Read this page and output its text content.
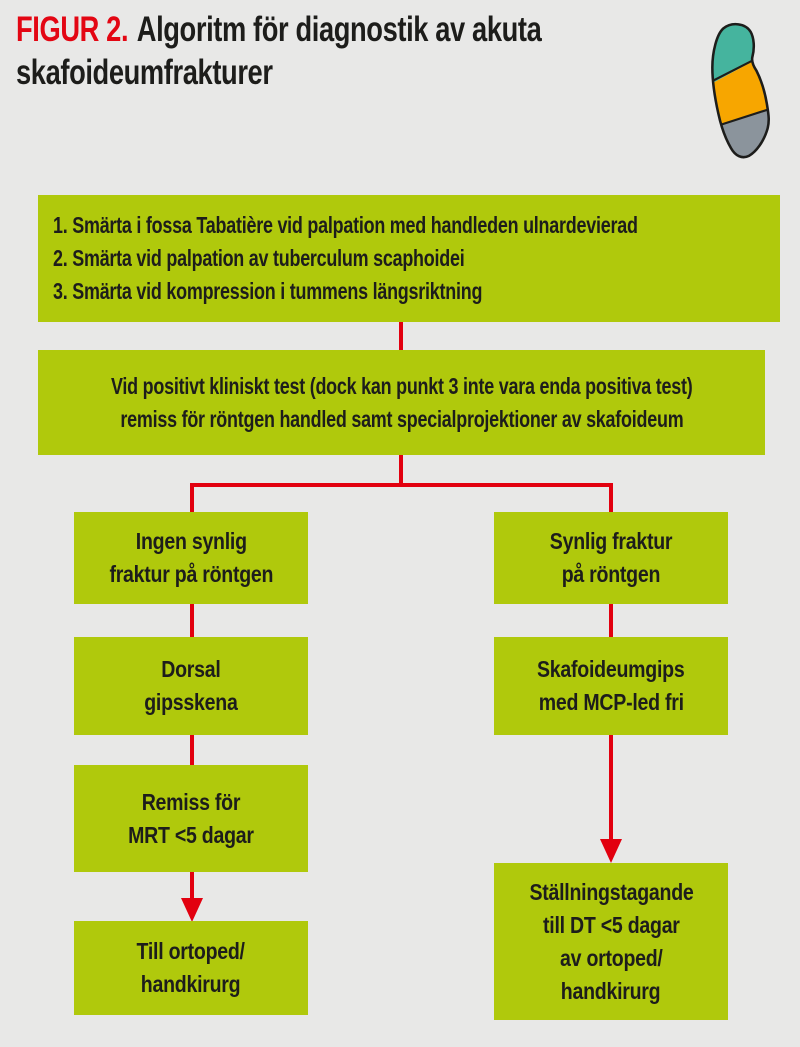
FIGUR 2. Algoritm för diagnostik av akuta
skafoideumfrakturer
1. Smärta i fossa Tabatière vid palpation med handleden ulnardevierad
2. Smärta vid palpation av tuberculum scaphoidei
3. Smärta vid kompression i tummens längsriktning
Vid positivt kliniskt test (dock kan punkt 3 inte vara enda positiva test)
remiss för röntgen handled samt specialprojektioner av skafoideum
Ingen synlig
fraktur på röntgen
Dorsal
gipsskena
Remiss för
MRT <5 dagar
Till ortoped/
handkirurg
Synlig fraktur
på röntgen
Skafoideumgips
med MCP-led fri
Ställningstagande
till DT <5 dagar
av ortoped/
handkirurg
